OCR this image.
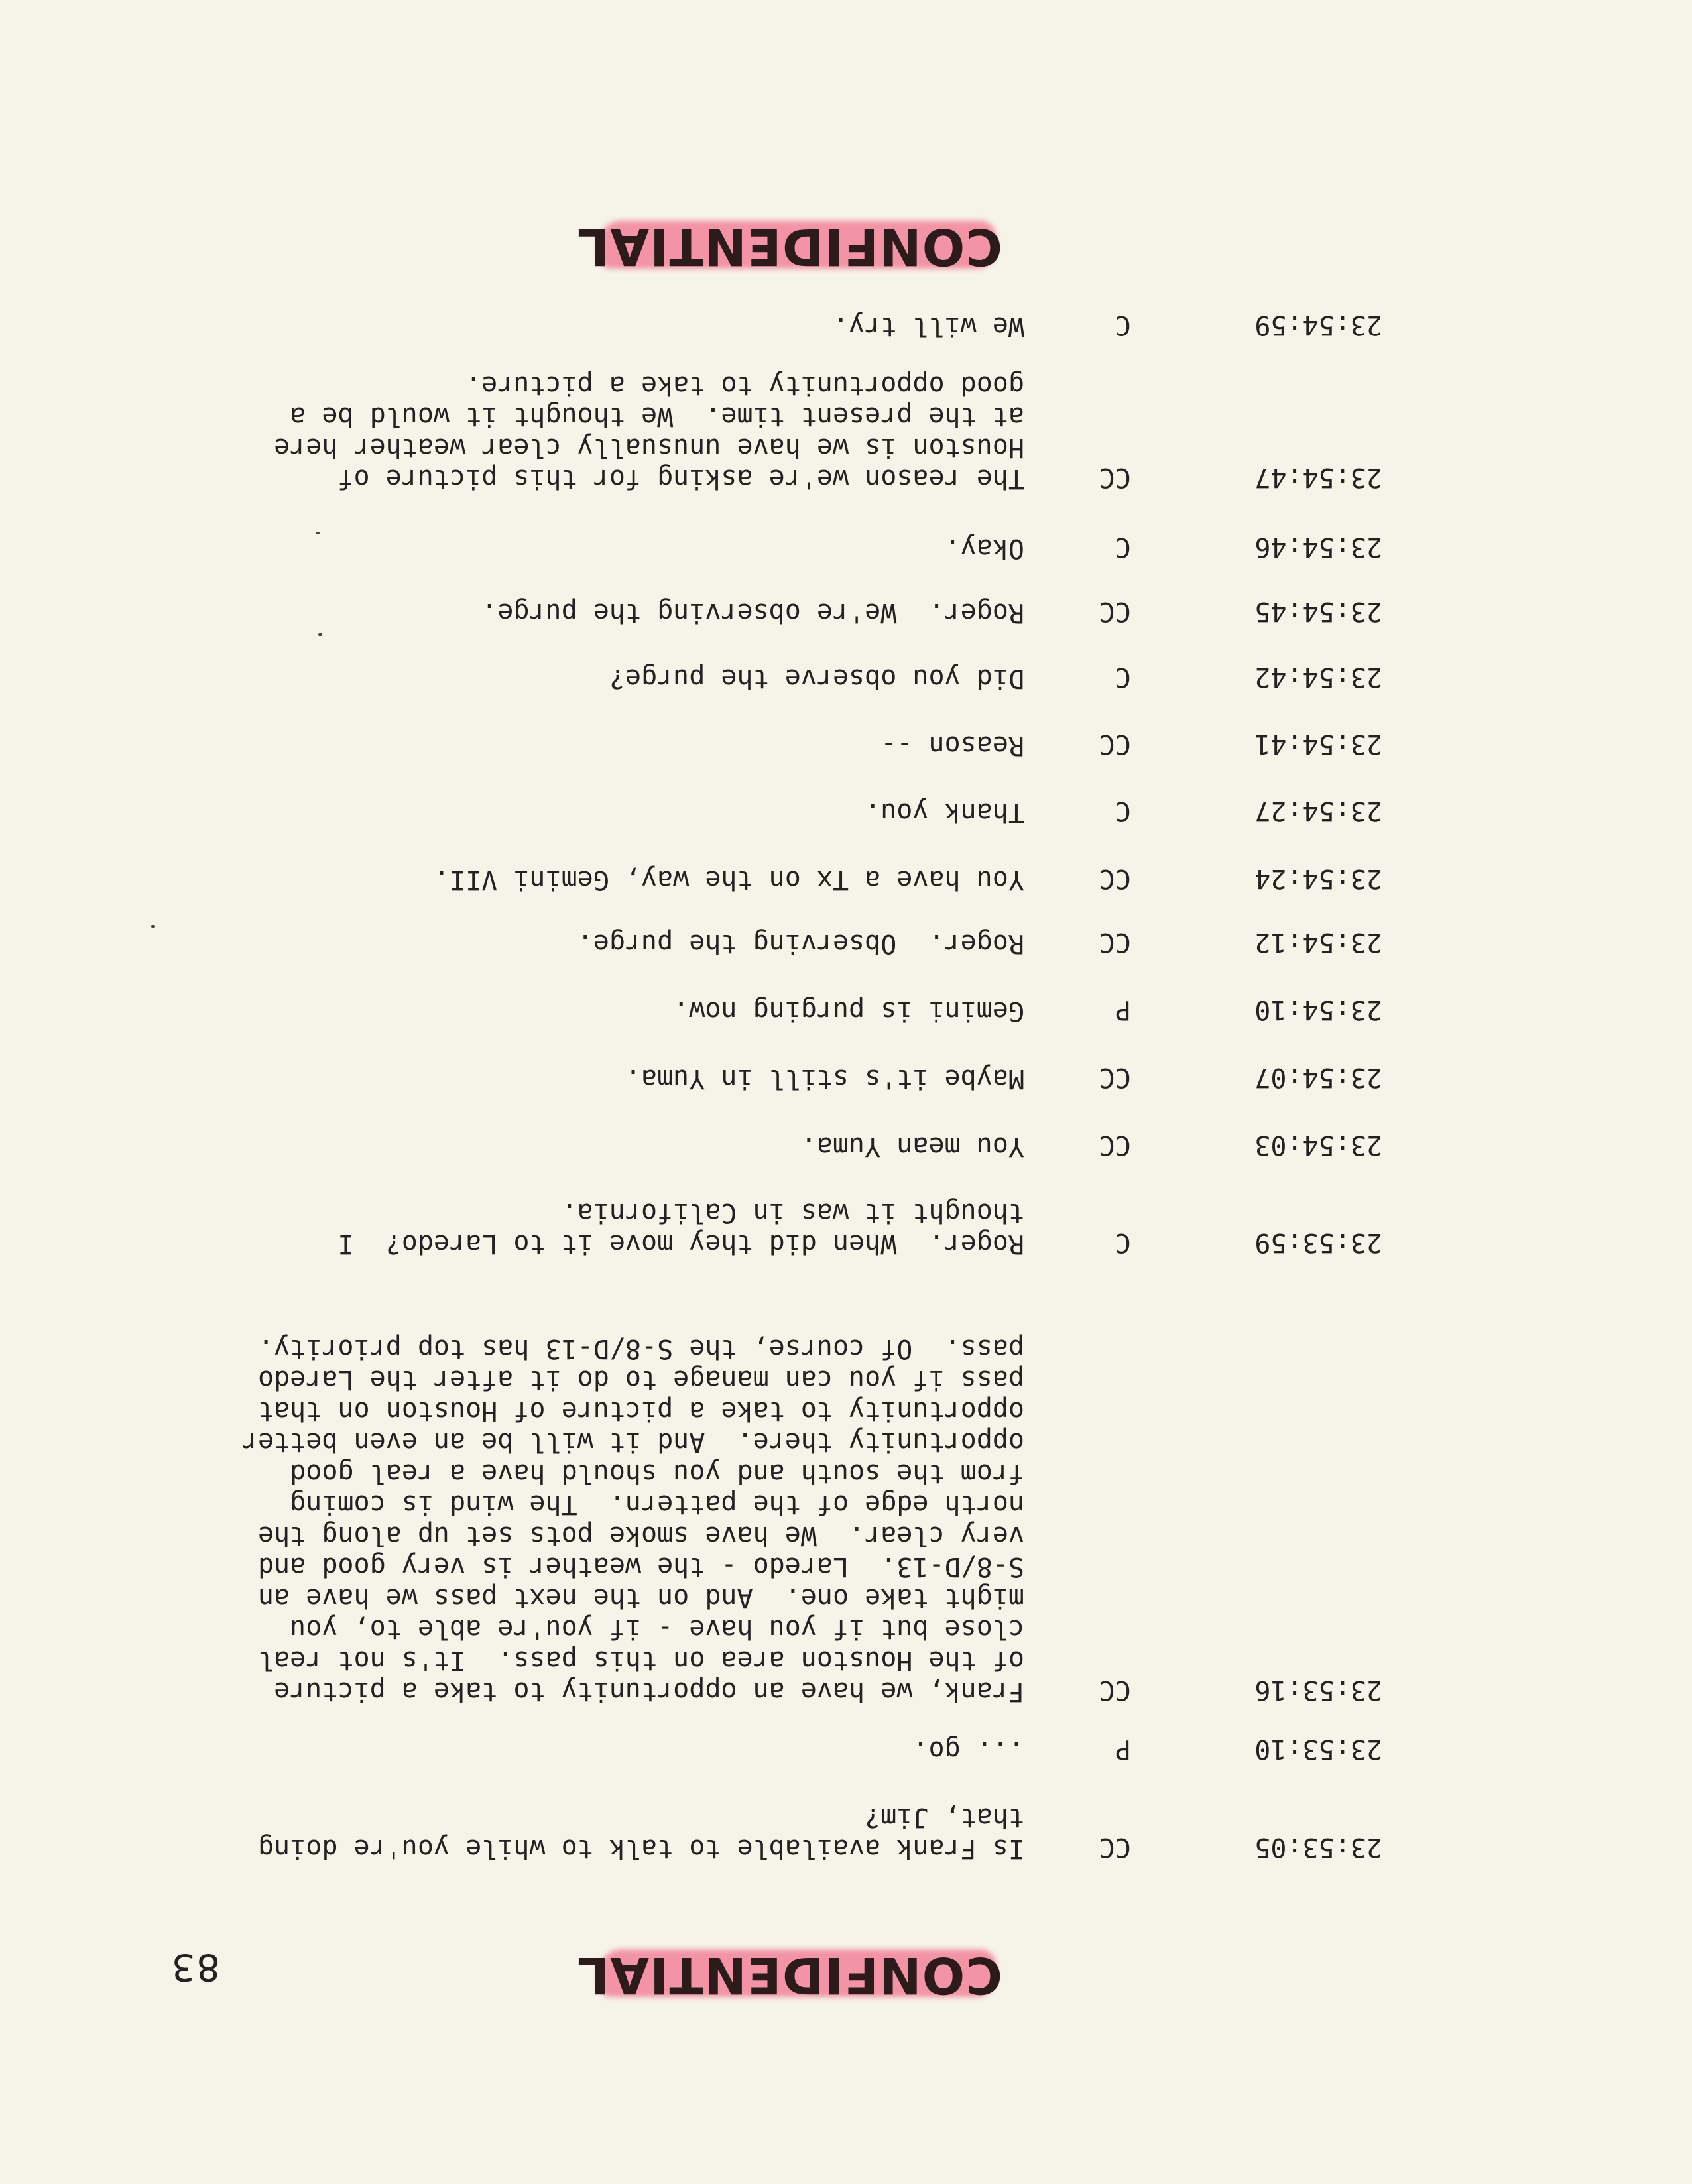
83	CONFIDENTIAL
23:53:05
CC
Is Frank available to talk to while you're doing
that, Jim?
23:53:10
P
... go.
23:53:16
CC
Frank, we have an opportunity to take a picture
of the Houston area on this pass.  It's not real
close but if you have - if you're able to, you
might take one.  And on the next pass we have an
S-8/D-13.  Laredo - the weather is very good and
very clear.  We have smoke pots set up along the
north edge of the pattern.  The wind is coming
from the south and you should have a real good
opportunity there.  And it will be an even better
opportunity to take a picture of Houston on that
pass if you can manage to do it after the Laredo
pass.  Of course, the S-8/D-13 has top priority.
23:53:59
C
Roger.  When did they move it to Laredo?  I
thought it was in California.
23:54:03
CC
You mean Yuma.
23:54:07
CC
Maybe it's still in Yuma.
23:54:10
P
Gemini is purging now.
23:54:12
CC
Roger.  Observing the purge.
23:54:24
CC
You have a Tx on the way, Gemini VII.
23:54:27
C
Thank you.
23:54:41
CC
Reason --
23:54:42
C
Did you observe the purge?
23:54:45
CC
Roger.  We're observing the purge.
23:54:46
C
Okay.
23:54:47
CC
The reason we're asking for this picture of
Houston is we have unusually clear weather here
at the present time.  We thought it would be a
good opportunity to take a picture.
23:54:59
C
We will try.
CONFIDENTIAL
